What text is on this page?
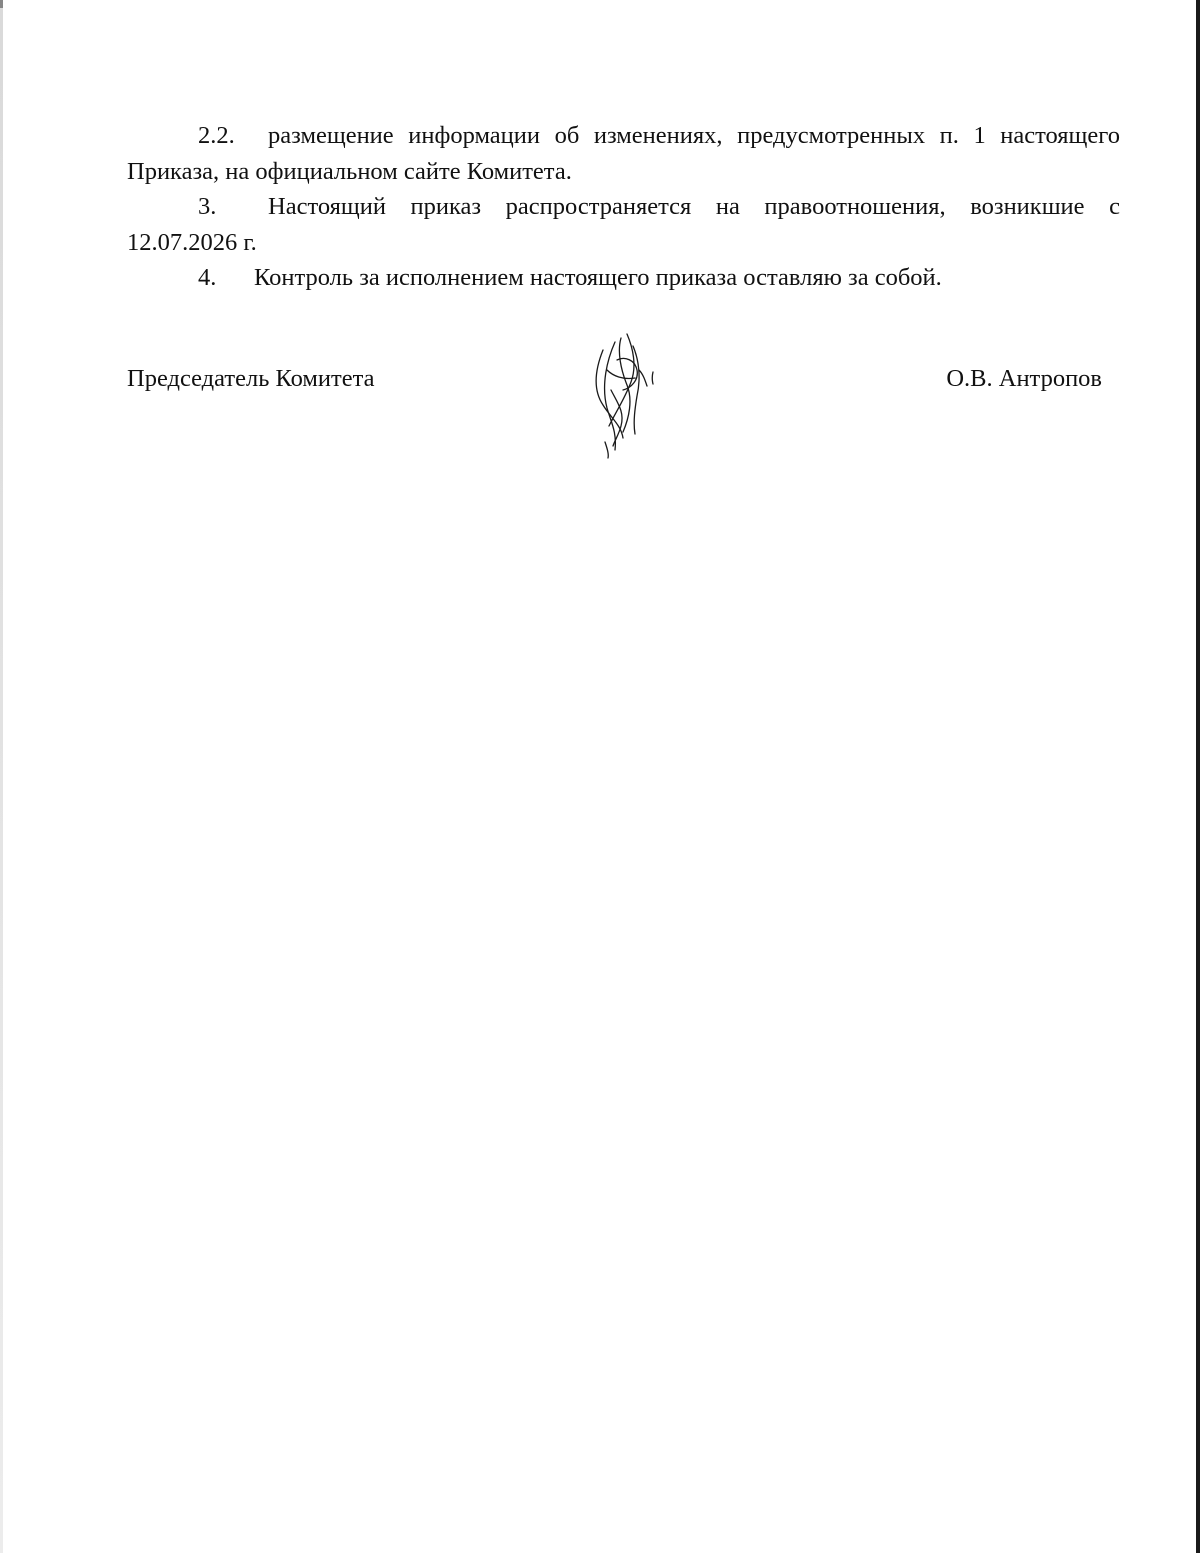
2.2. размещение информации об изменениях, предусмотренных п. 1 настоящего Приказа, на официальном сайте Комитета.

3. Настоящий приказ распространяется на правоотношения, возникшие с 12.07.2026 г.

4. Контроль за исполнением настоящего приказа оставляю за собой.

Председатель Комитета	О.В. Антропов
